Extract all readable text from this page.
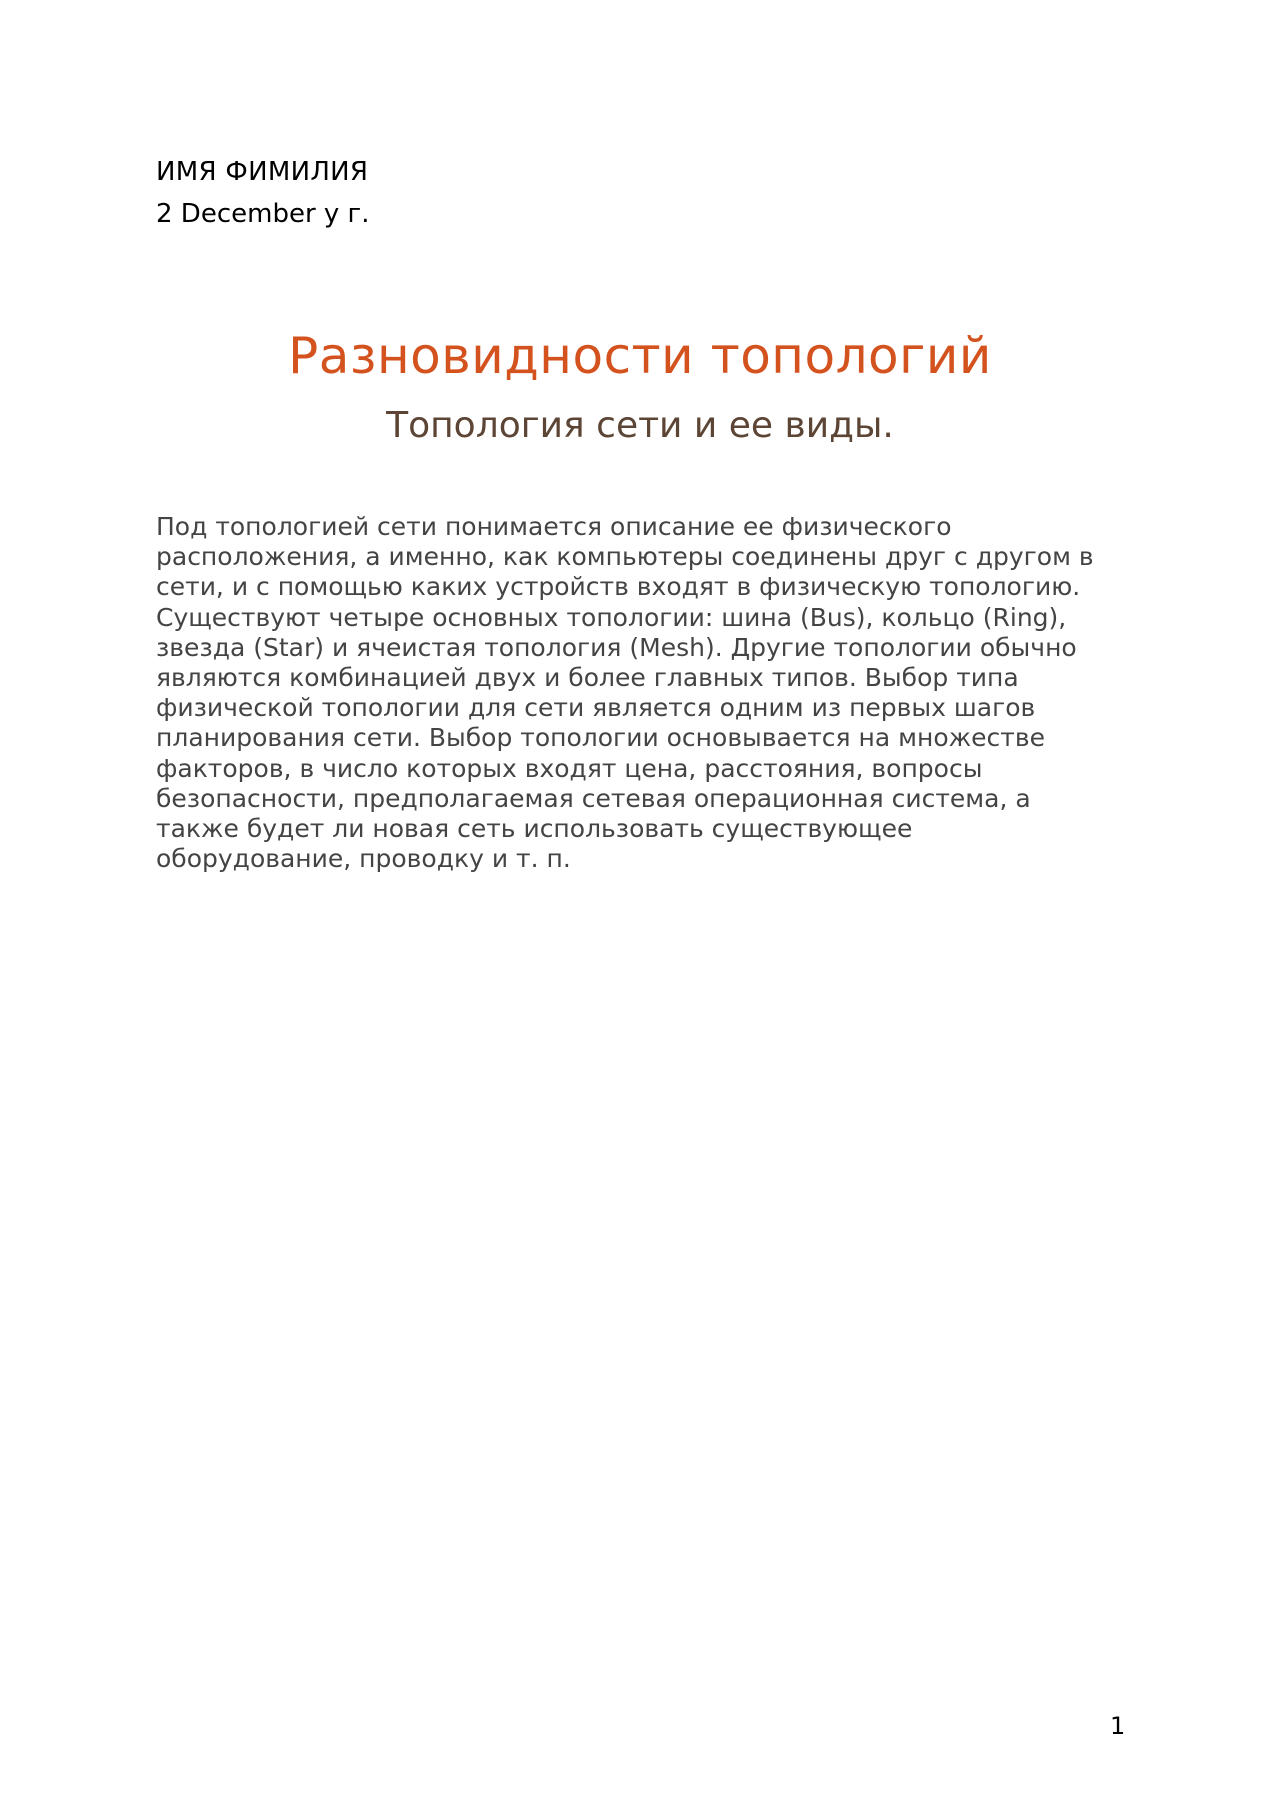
ИМЯ ФИМИЛИЯ
2 December y г.
Разновидности топологий
Топология сети и ее виды.

Под топологией сети понимается описание ее физического
расположения, а именно, как компьютеры соединены друг с другом в
сети, и с помощью каких устройств входят в физическую топологию.
Существуют четыре основных топологии: шина (Bus), кольцо (Ring),
звезда (Star) и ячеистая топология (Mesh). Другие топологии обычно
являются комбинацией двух и более главных типов. Выбор типа
физической топологии для сети является одним из первых шагов
планирования сети. Выбор топологии основывается на множестве
факторов, в число которых входят цена, расстояния, вопросы
безопасности, предполагаемая сетевая операционная система, а
также будет ли новая сеть использовать существующее
оборудование, проводку и т. п.

1
